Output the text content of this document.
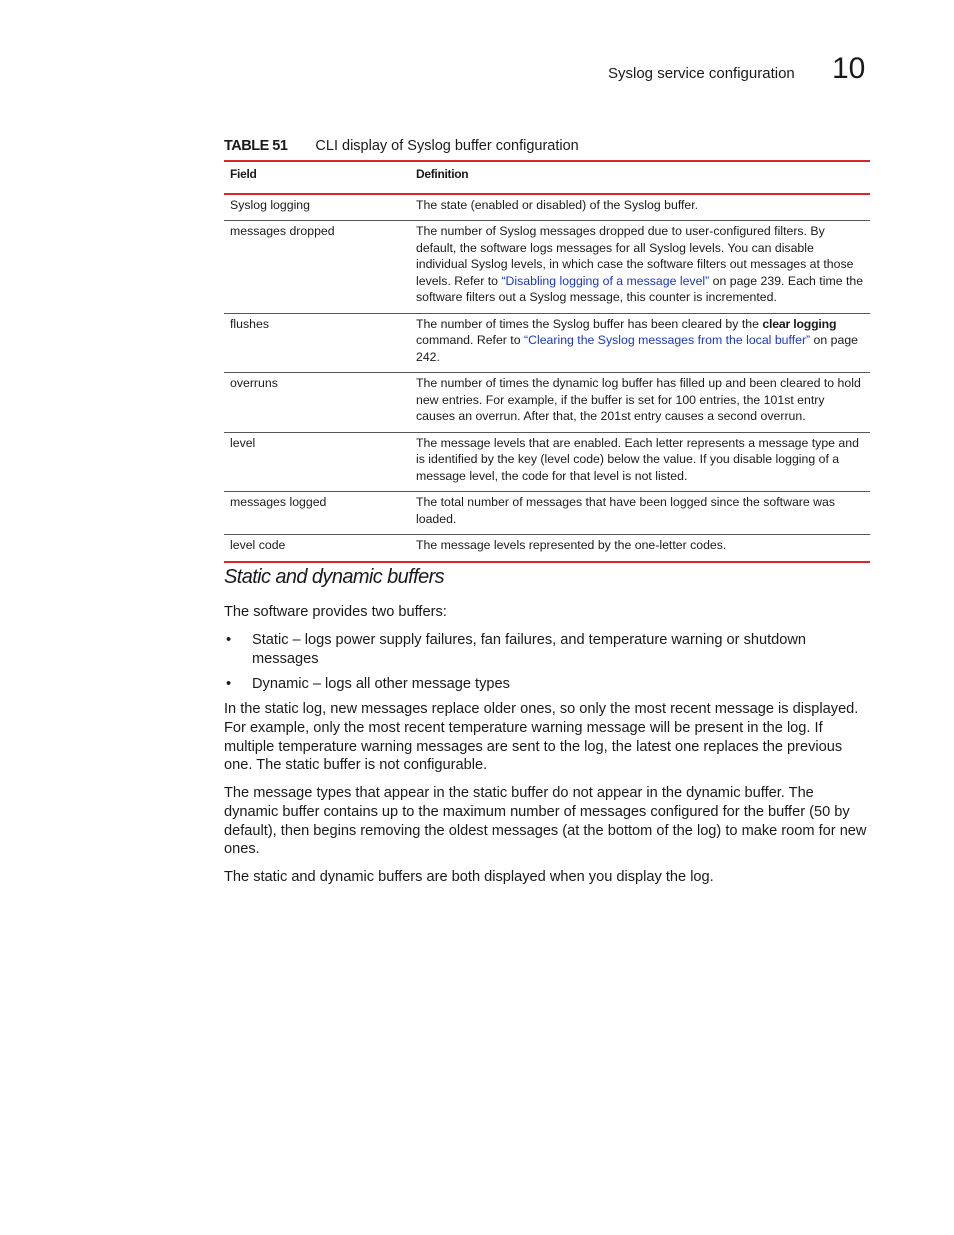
Syslog service configuration 10
TABLE 51 CLI display of Syslog buffer configuration
Field	Definition
Syslog logging	The state (enabled or disabled) of the Syslog buffer.
messages dropped	The number of Syslog messages dropped due to user-configured filters. By default, the software logs messages for all Syslog levels. You can disable individual Syslog levels, in which case the software filters out messages at those levels. Refer to “Disabling logging of a message level” on page 239. Each time the software filters out a Syslog message, this counter is incremented.
flushes	The number of times the Syslog buffer has been cleared by the clear logging command. Refer to “Clearing the Syslog messages from the local buffer” on page 242.
overruns	The number of times the dynamic log buffer has filled up and been cleared to hold new entries. For example, if the buffer is set for 100 entries, the 101st entry causes an overrun. After that, the 201st entry causes a second overrun.
level	The message levels that are enabled. Each letter represents a message type and is identified by the key (level code) below the value. If you disable logging of a message level, the code for that level is not listed.
messages logged	The total number of messages that have been logged since the software was loaded.
level code	The message levels represented by the one-letter codes.
Static and dynamic buffers

The software provides two buffers:

• Static – logs power supply failures, fan failures, and temperature warning or shutdown messages
• Dynamic – logs all other message types

In the static log, new messages replace older ones, so only the most recent message is displayed. For example, only the most recent temperature warning message will be present in the log. If multiple temperature warning messages are sent to the log, the latest one replaces the previous one. The static buffer is not configurable.

The message types that appear in the static buffer do not appear in the dynamic buffer. The dynamic buffer contains up to the maximum number of messages configured for the buffer (50 by default), then begins removing the oldest messages (at the bottom of the log) to make room for new ones.

The static and dynamic buffers are both displayed when you display the log.
